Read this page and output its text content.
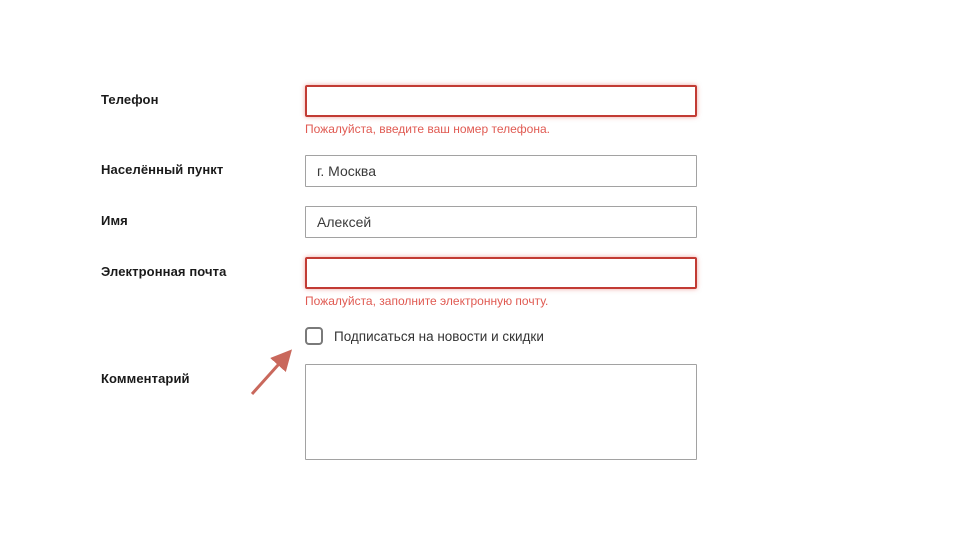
Телефон
Пожалуйста, введите ваш номер телефона.
Населённый пункт
г. Москва
Имя
Алексей
Электронная почта
Пожалуйста, заполните электронную почту.
Подписаться на новости и скидки
Комментарий
